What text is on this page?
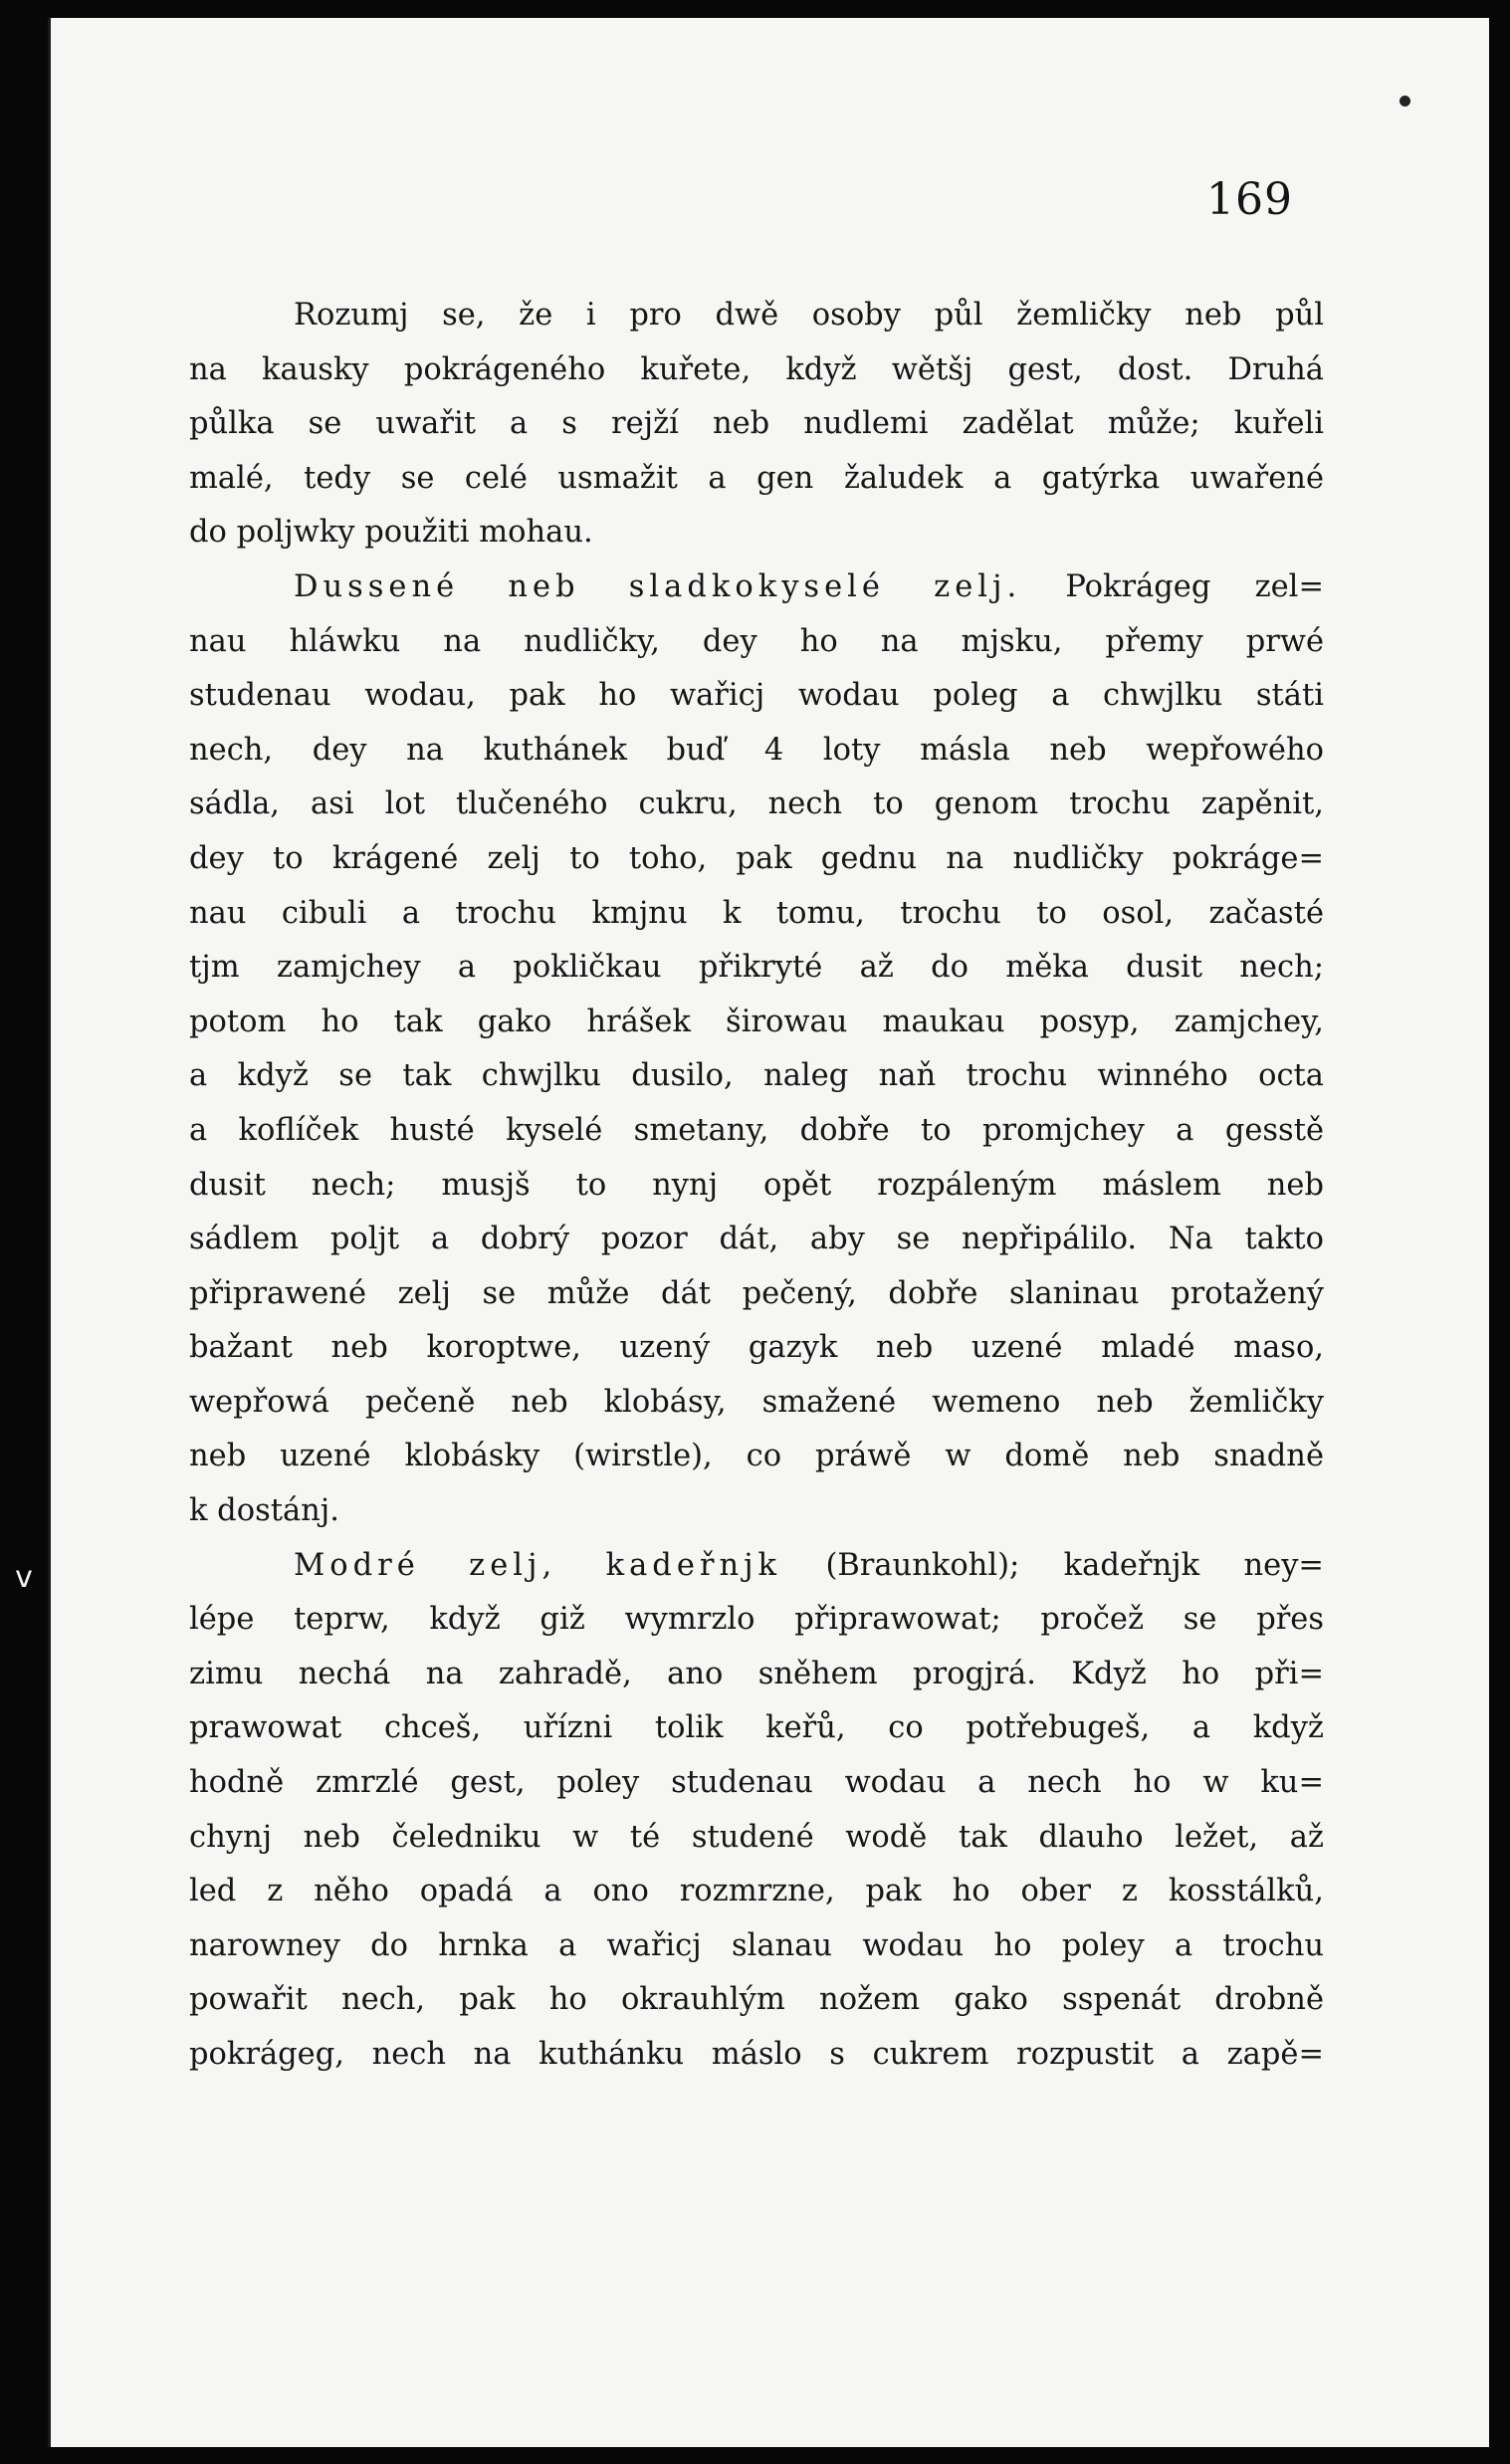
v
169
Rozumj se, že i pro dwě osoby půl žemličky neb půl
na kausky pokrágeného kuřete, když wětšj gest, dost. Druhá
půlka se uwařit a s rejží neb nudlemi zadělat může; kuřeli
malé, tedy se celé usmažit a gen žaludek a gatýrka uwařené
do poljwky použiti mohau.
Dussené neb sladkokyselé zelj. Pokrágeg zel=
nau hláwku na nudličky, dey ho na mjsku, přemy prwé
studenau wodau, pak ho wařicj wodau poleg a chwjlku státi
nech, dey na kuthánek buď 4 loty másla neb wepřowého
sádla, asi lot tlučeného cukru, nech to genom trochu zapěnit,
dey to krágené zelj to toho, pak gednu na nudličky pokráge=
nau cibuli a trochu kmjnu k tomu, trochu to osol, začasté
tjm zamjchey a pokličkau přikryté až do měka dusit nech;
potom ho tak gako hrášek širowau maukau posyp, zamjchey,
a když se tak chwjlku dusilo, naleg naň trochu winného octa
a koflíček husté kyselé smetany, dobře to promjchey a gesstě
dusit nech; musjš to nynj opět rozpáleným máslem neb
sádlem poljt a dobrý pozor dát, aby se nepřipálilo. Na takto
připrawené zelj se může dát pečený, dobře slaninau protažený
bažant neb koroptwe, uzený gazyk neb uzené mladé maso,
wepřowá pečeně neb klobásy, smažené wemeno neb žemličky
neb uzené klobásky (wirstle), co práwě w domě neb snadně
k dostánj.
Modré zelj, kadeřnjk (Braunkohl); kadeřnjk ney=
lépe teprw, když giž wymrzlo připrawowat; pročež se přes
zimu nechá na zahradě, ano sněhem progjrá. Když ho při=
prawowat chceš, uřízni tolik keřů, co potřebugeš, a když
hodně zmrzlé gest, poley studenau wodau a nech ho w ku=
chynj neb čeledniku w té studené wodě tak dlauho ležet, až
led z něho opadá a ono rozmrzne, pak ho ober z kosstálků,
narowney do hrnka a wařicj slanau wodau ho poley a trochu
powařit nech, pak ho okrauhlým nožem gako sspenát drobně
pokrágeg, nech na kuthánku máslo s cukrem rozpustit a zapě=
